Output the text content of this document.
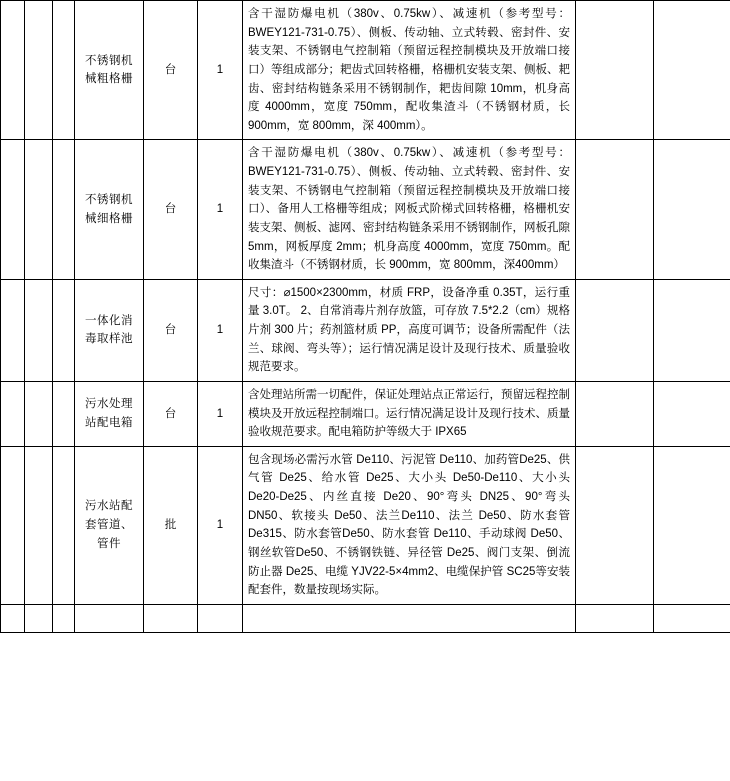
			不锈钢机械粗格栅	台	1	含干湿防爆电机（380v、0.75kw）、减速机（参考型号：BWEY121-731-0.75）、侧板、传动轴、立式转毂、密封件、安装支架、不锈钢电气控制箱（预留远程控制模块及开放端口接口）等组成部分；耙齿式回转格栅，格栅机安装支架、侧板、耙齿、密封结构链条采用不锈钢制作，耙齿间隙 10mm，机身高度 4000mm，宽度 750mm，配收集渣斗（不锈钢材质，长900mm，宽 800mm，深 400mm）。		
			不锈钢机械细格栅	台	1	含干湿防爆电机（380v、0.75kw）、减速机（参考型号：BWEY121-731-0.75）、侧板、传动轴、立式转毂、密封件、安装支架、不锈钢电气控制箱（预留远程控制模块及开放端口接口）、备用人工格栅等组成；网板式阶梯式回转格栅，格栅机安装支架、侧板、滤网、密封结构链条采用不锈钢制作，网板孔隙5mm，网板厚度 2mm；机身高度 4000mm，宽度 750mm。配收集渣斗（不锈钢材质，长 900mm，宽 800mm，深400mm）		
			一体化消毒取样池	台	1	尺寸：⌀1500×2300mm，材质 FRP，设备净重 0.35T，运行重量 3.0T。 2、自常消毒片剂存放篮，可存放 7.5*2.2（cm）规格片剂 300 片；药剂篮材质 PP，高度可调节；设备所需配件（法兰、球阀、弯头等）；运行情况满足设计及现行技术、质量验收规范要求。		
			污水处理站配电箱	台	1	含处理站所需一切配件，保证处理站点正常运行，预留远程控制模块及开放远程控制端口。运行情况满足设计及现行技术、质量验收规范要求。配电箱防护等级大于 IPX65		
			污水站配套管道、管件	批	1	包含现场必需污水管 De110、污泥管 De110、加药管De25、供气管 De25、给水管 De25、大小头 De50-De110、大小头 De20-De25、内丝直接 De20、90°弯头 DN25、90°弯头 DN50、软接头 De50、法兰De110、法兰 De50、防水套管 De315、防水套管De50、防水套管 De110、手动球阀 De50、钢丝软管De50、不锈钢铁链、异径管 De25、阀门支架、倒流防止器 De25、电缆 YJV22-5×4mm2、电缆保护管 SC25等安装配套件，数量按现场实际。		
